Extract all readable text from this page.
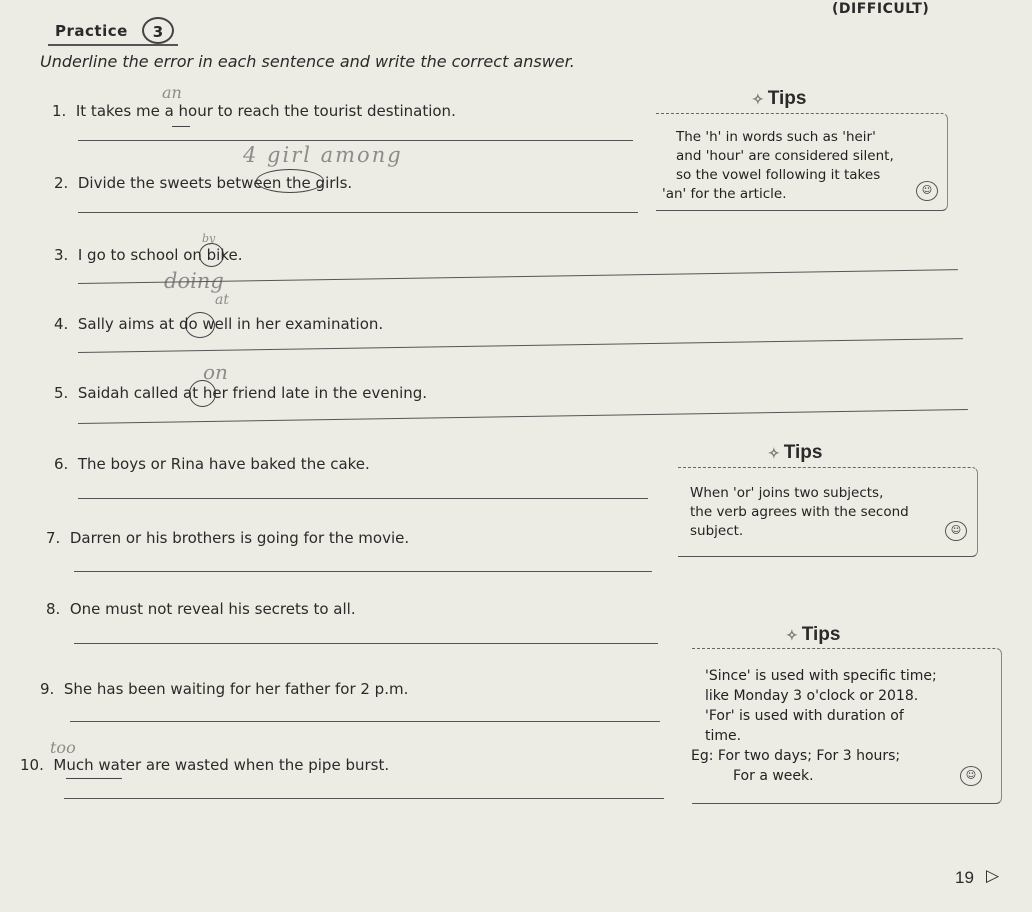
Practice	3
(DIFFICULT)
Underline the error in each sentence and write the correct answer.
an
4 girl among
by
doing
at
on
too
1. It takes me a hour to reach the tourist destination.
2. Divide the sweets between the girls.
3. I go to school on bike.
4. Sally aims at do well in her examination.
5. Saidah called at her friend late in the evening.
6. The boys or Rina have baked the cake.
7. Darren or his brothers is going for the movie.
8. One must not reveal his secrets to all.
9. She has been waiting for her father for 2 p.m.
10. Much water are wasted when the pipe burst.
✧ Tips
The 'h' in words such as 'heir'
and 'hour' are considered silent,
so the vowel following it takes
'an' for the article.	☺
✧ Tips
When 'or' joins two subjects,
the verb agrees with the second
subject.	☺
✧ Tips
'Since' is used with specific time;
like Monday 3 o'clock or 2018.
'For' is used with duration of
time.
Eg: For two days; For 3 hours;
For a week.	☺
19 ▷
